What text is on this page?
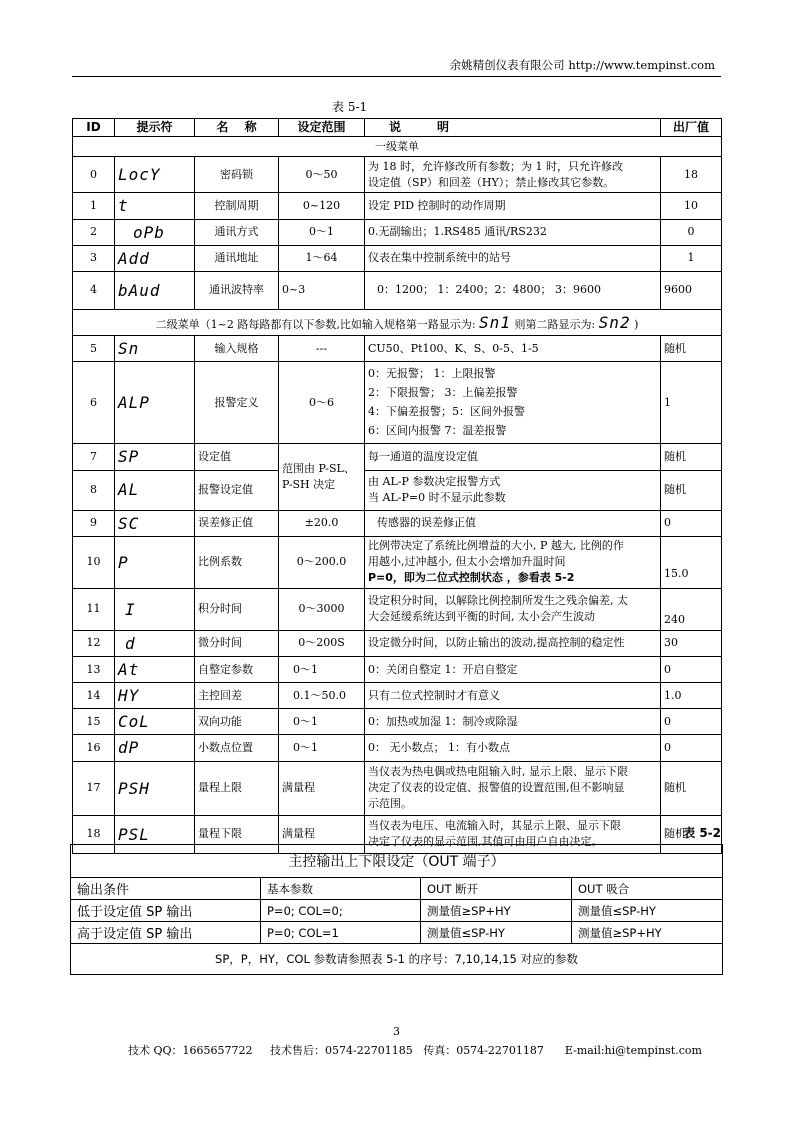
余姚精创仪表有限公司 http://www.tempinst.com
表 5-1
ID	提示符	名　 称	设定范围	说　　　明	出厂值
一级菜单					
0	LocY	密码锁	0～50	为 18 时，允许修改所有参数；为 1 时，只允许修改
设定值（SP）和回差（HY）；禁止修改其它参数。	18
1	t	控制周期	0~120	设定 PID 控制时的动作周期	10
2	oPb	通讯方式	0～1	0.无副输出；1.RS485 通讯/RS232	0
3	Add	通讯地址	1～64	仪表在集中控制系统中的站号	1
4	bAud	通讯波特率	0~3	0：1200； 1：2400；2：4800； 3：9600	9600
二级菜单（1~2 路每路都有以下参数,比如输入规格第一路显示为: Sn1 则第二路显示为: Sn2 )					
5	Sn	输入规格	---	CU50、Pt100、K、S、0-5、1-5	随机
6	ALP	报警定义	0～6	0：无报警； 1：上限报警
2：下限报警； 3：上偏差报警
4：下偏差报警；5：区间外报警
6：区间内报警 7：温差报警	1
7	SP	设定值	范围由 P-SL、P-SH 决定	每一通道的温度设定值	随机
8	AL	报警设定值		由 AL-P 参数决定报警方式
当 AL-P=0 时不显示此参数	随机
9	SC	误差修正值	±20.0	传感器的误差修正值	0
10	P	比例系数	0～200.0	比例带决定了系统比例增益的大小, P 越大, 比例的作
用越小,过冲越小, 但太小会增加升温时间
P=0，即为二位式控制状态 ，参看表 5-2	15.0
11	I	积分时间	0～3000	设定积分时间，以解除比例控制所发生之残余偏差, 太
大会延缓系统达到平衡的时间, 太小会产生波动	240
12	d	微分时间	0～200S	设定微分时间，以防止输出的波动,提高控制的稳定性	30
13	At	自整定参数	0～1	0：关闭自整定 1：开启自整定	0
14	HY	主控回差	0.1～50.0	只有二位式控制时才有意义	1.0
15	CoL	双向功能	0～1	0：加热或加湿 1：制冷或除湿	0
16	dP	小数点位置	0～1	0： 无小数点； 1：有小数点	0
17	PSH	量程上限	满量程	当仪表为热电偶或热电阻输入时, 显示上限、显示下限
决定了仪表的设定值、报警值的设置范围,但不影响显
示范围。	随机
18	PSL	量程下限	满量程	当仪表为电压、电流输入时，其显示上限、显示下限
决定了仪表的显示范围,其值可由用户自由决定。	随机
表 5-2
主控输出上下限设定（OUT 端子）			
输出条件	基本参数	OUT 断开	OUT 吸合
低于设定值 SP 输出	P=0; COL=0;	测量值≥SP+HY	测量值≤SP-HY
高于设定值 SP 输出	P=0; COL=1	测量值≤SP-HY	测量值≥SP+HY
SP，P，HY，COL 参数请参照表 5-1 的序号：7,10,14,15 对应的参数			
3
技术 QQ：1665657722     技术售后：0574-22701185   传真：0574-22701187      E-mail:hi@tempinst.com
